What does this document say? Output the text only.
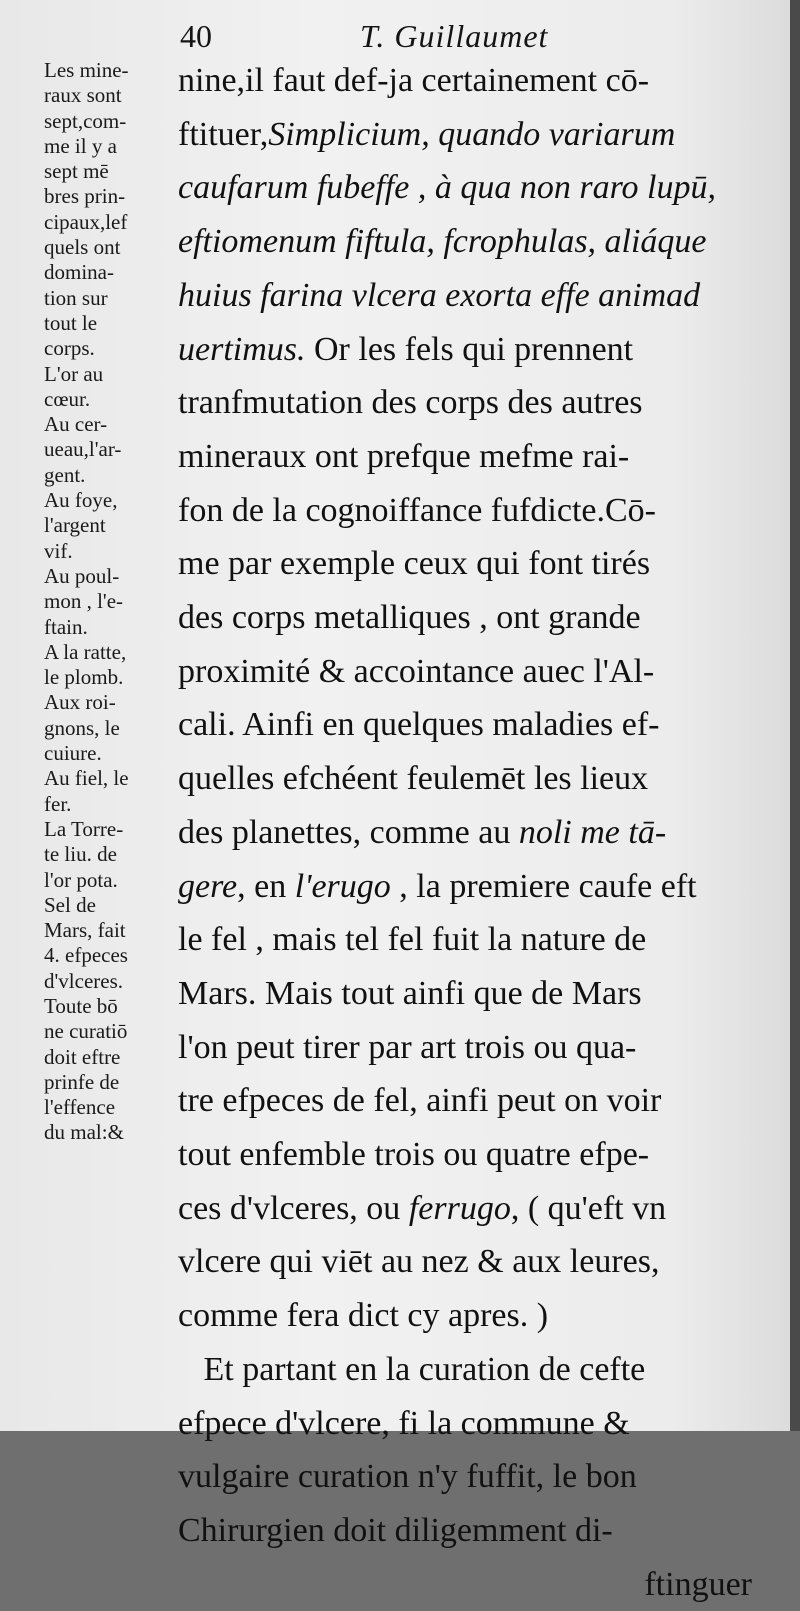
40	T. Guillaumet
Les mine-
raux sont
sept,com-
me il y a
sept mē
bres prin-
cipaux,lef
quels ont
domina-
tion sur
tout le
corps.
L'or au
cœur.
Au cer-
ueau,l'ar-
gent.
Au foye,
l'argent
vif.
Au poul-
mon , l'e-
ftain.
A la ratte,
le plomb.
Aux roi-
gnons, le
cuiure.
Au fiel, le
fer.
La Torre-
te liu. de
l'or pota.
Sel de
Mars, fait
4. efpeces
d'vlceres.
Toute bō
ne curatiō
doit eftre
prinfe de
l'effence
du mal:&
nine,il faut def-ja certainement cō-
ftituer,Simplicium, quando variarum
caufarum fubeffe , à qua non raro lupū,
eftiomenum fiftula, fcrophulas, aliáque
huius farina vlcera exorta effe animad
uertimus. Or les fels qui prennent
tranfmutation des corps des autres
mineraux ont prefque mefme rai-
fon de la cognoiffance fufdicte.Cō-
me par exemple ceux qui font tirés
des corps metalliques , ont grande
proximité & accointance auec l'Al-
cali. Ainfi en quelques maladies ef-
quelles efchéent feulemēt les lieux
des planettes, comme au noli me tā-
gere, en l'erugo , la premiere caufe eft
le fel , mais tel fel fuit la nature de
Mars. Mais tout ainfi que de Mars
l'on peut tirer par art trois ou qua-
tre efpeces de fel, ainfi peut on voir
tout enfemble trois ou quatre efpe-
ces d'vlceres, ou ferrugo, ( qu'eft vn
vlcere qui viēt au nez & aux leures,
comme fera dict cy apres. )
Et partant en la curation de cefte
efpece d'vlcere, fi la commune &
vulgaire curation n'y fuffit, le bon
Chirurgien doit diligemment di-
ftinguer
